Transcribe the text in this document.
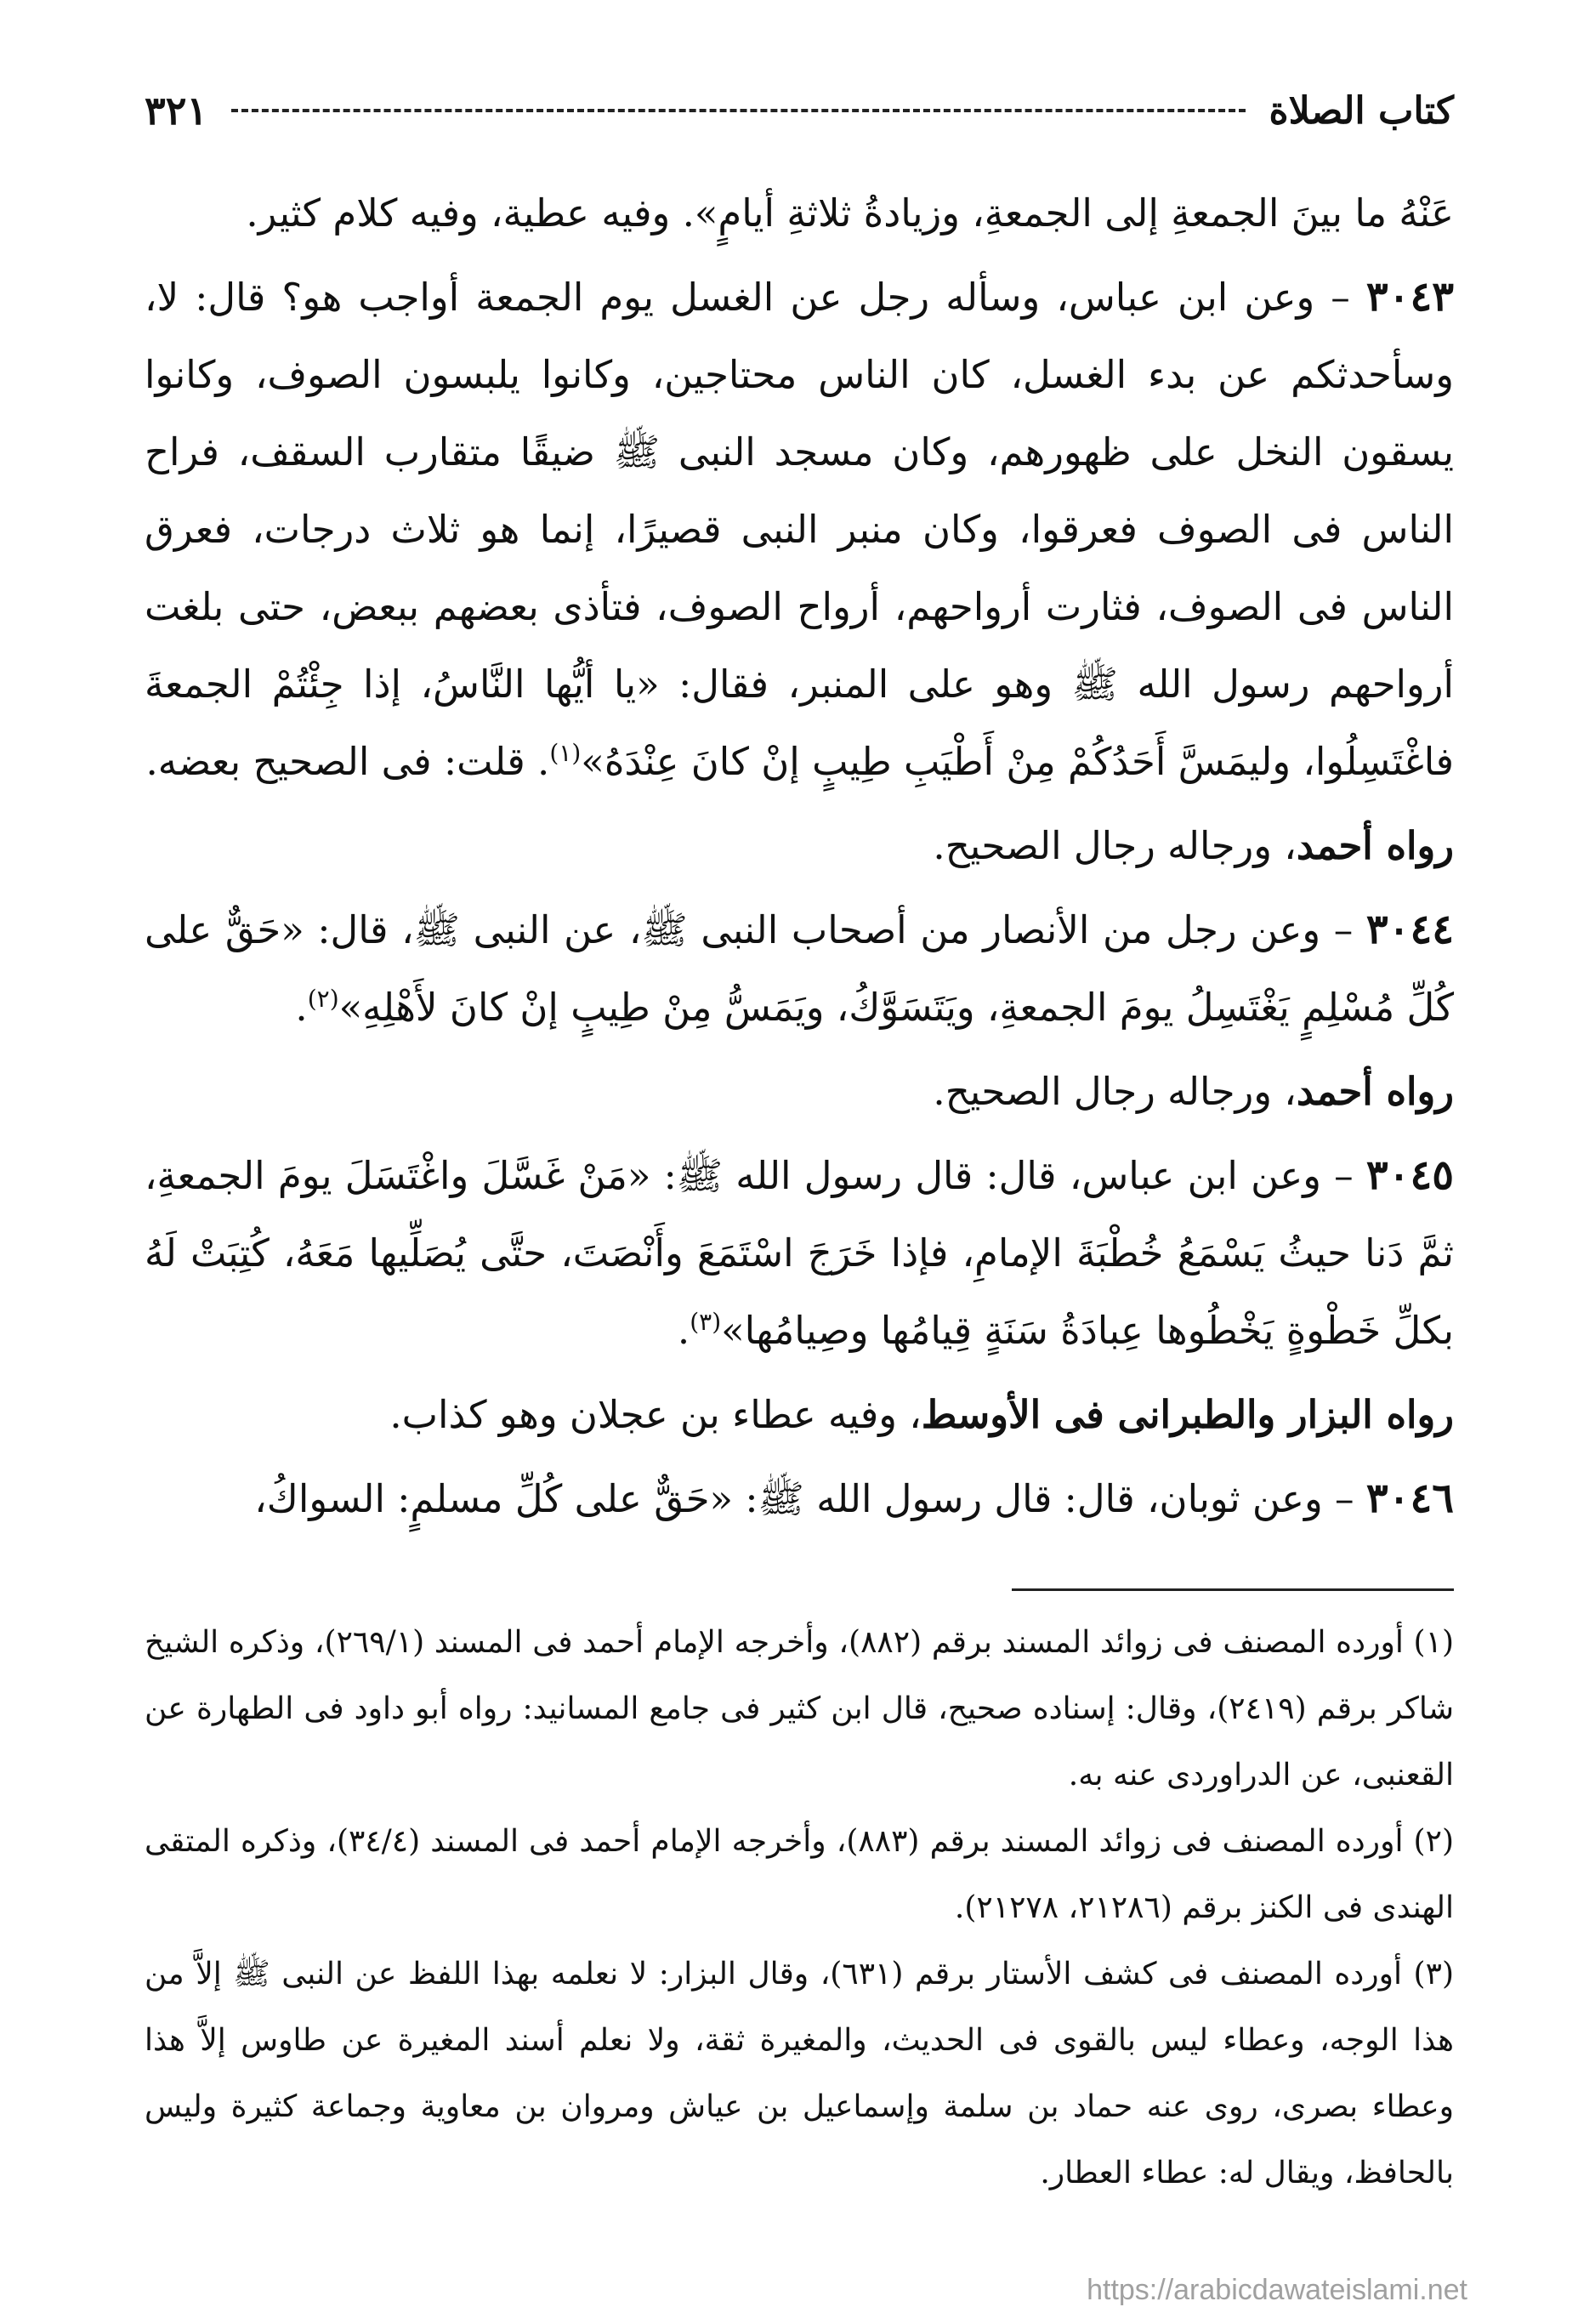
كتاب الصلاة
٣٢١

عَنْهُ ما بينَ الجمعةِ إلى الجمعةِ، وزيادةُ ثلاثةِ أيامٍ». وفيه عطية، وفيه كلام كثير.

٣٠٤٣ – وعن ابن عباس، وسأله رجل عن الغسل يوم الجمعة أواجب هو؟ قال: لا، وسأحدثكم عن بدء الغسل، كان الناس محتاجين، وكانوا يلبسون الصوف، وكانوا يسقون النخل على ظهورهم، وكان مسجد النبى ﷺ ضيقًا متقارب السقف، فراح الناس فى الصوف فعرقوا، وكان منبر النبى قصيرًا، إنما هو ثلاث درجات، فعرق الناس فى الصوف، فثارت أرواحهم، أرواح الصوف، فتأذى بعضهم ببعض، حتى بلغت أرواحهم رسول الله ﷺ وهو على المنبر، فقال: «يا أيُّها النَّاسُ، إذا جِئْتُمْ الجمعةَ فاغْتَسِلُوا، وليمَسَّ أَحَدُكُمْ مِنْ أَطْيَبِ طِيبٍ إنْ كانَ عِنْدَهُ»$^{(١)}$. قلت: فى الصحيح بعضه.

رواه أحمد، ورجاله رجال الصحيح.

٣٠٤٤ – وعن رجل من الأنصار من أصحاب النبى ﷺ، عن النبى ﷺ، قال: «حَقٌّ على كُلِّ مُسْلِمٍ يَغْتَسِلُ يومَ الجمعةِ، ويَتَسَوَّكُ، ويَمَسُّ مِنْ طِيبٍ إنْ كانَ لأَهْلِهِ»$^{(٢)}$.

رواه أحمد، ورجاله رجال الصحيح.

٣٠٤٥ – وعن ابن عباس، قال: قال رسول الله ﷺ: «مَنْ غَسَّلَ واغْتَسَلَ يومَ الجمعةِ، ثمَّ دَنا حيثُ يَسْمَعُ خُطْبَةَ الإمامِ، فإذا خَرَجَ اسْتَمَعَ وأَنْصَتَ، حتَّى يُصَلِّيها مَعَهُ، كُتِبَتْ لَهُ بكلِّ خَطْوةٍ يَخْطُوها عِبادَةُ سَنَةٍ قِيامُها وصِيامُها»$^{(٣)}$.

رواه البزار والطبرانى فى الأوسط، وفيه عطاء بن عجلان وهو كذاب.

٣٠٤٦ – وعن ثوبان، قال: قال رسول الله ﷺ: «حَقٌّ على كُلِّ مسلمٍ: السواكُ،

(١) أورده المصنف فى زوائد المسند برقم (٨٨٢)، وأخرجه الإمام أحمد فى المسند (٢٦٩/١)، وذكره الشيخ شاكر برقم (٢٤١٩)، وقال: إسناده صحيح، قال ابن كثير فى جامع المسانيد: رواه أبو داود فى الطهارة عن القعنبى، عن الدراوردى عنه به.

(٢) أورده المصنف فى زوائد المسند برقم (٨٨٣)، وأخرجه الإمام أحمد فى المسند (٣٤/٤)، وذكره المتقى الهندى فى الكنز برقم (٢١٢٨٦، ٢١٢٧٨).

(٣) أورده المصنف فى كشف الأستار برقم (٦٣١)، وقال البزار: لا نعلمه بهذا اللفظ عن النبى ﷺ إلاَّ من هذا الوجه، وعطاء ليس بالقوى فى الحديث، والمغيرة ثقة، ولا نعلم أسند المغيرة عن طاوس إلاَّ هذا وعطاء بصرى، روى عنه حماد بن سلمة وإسماعيل بن عياش ومروان بن معاوية وجماعة كثيرة وليس بالحافظ، ويقال له: عطاء العطار.

https://arabicdawateislami.net
